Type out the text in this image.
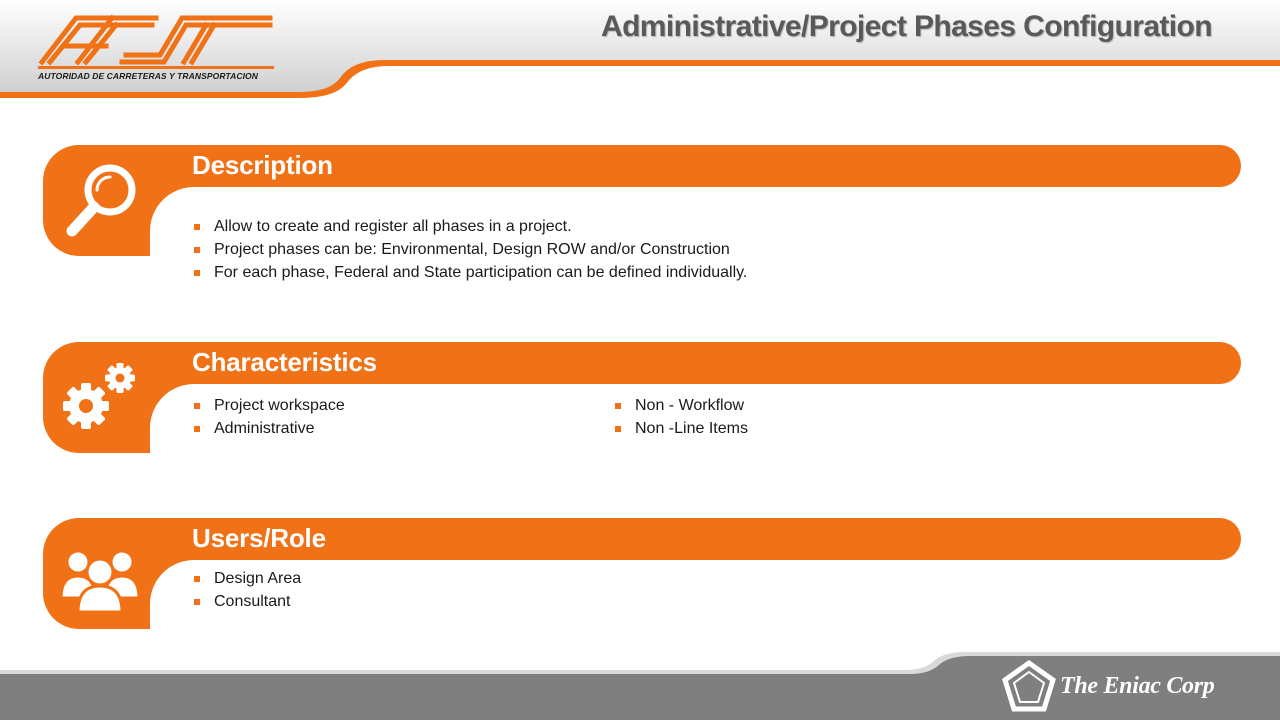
AUTORIDAD DE CARRETERAS Y TRANSPORTACION
Administrative/Project Phases Configuration
Description
Allow to create and register all phases in a project.
Project phases can be: Environmental, Design ROW and/or Construction
For each phase, Federal and State participation can be defined individually.
Characteristics
Project workspace
Administrative
Non - Workflow
Non -Line Items
Users/Role
Design Area
Consultant
The Eniac Corp
